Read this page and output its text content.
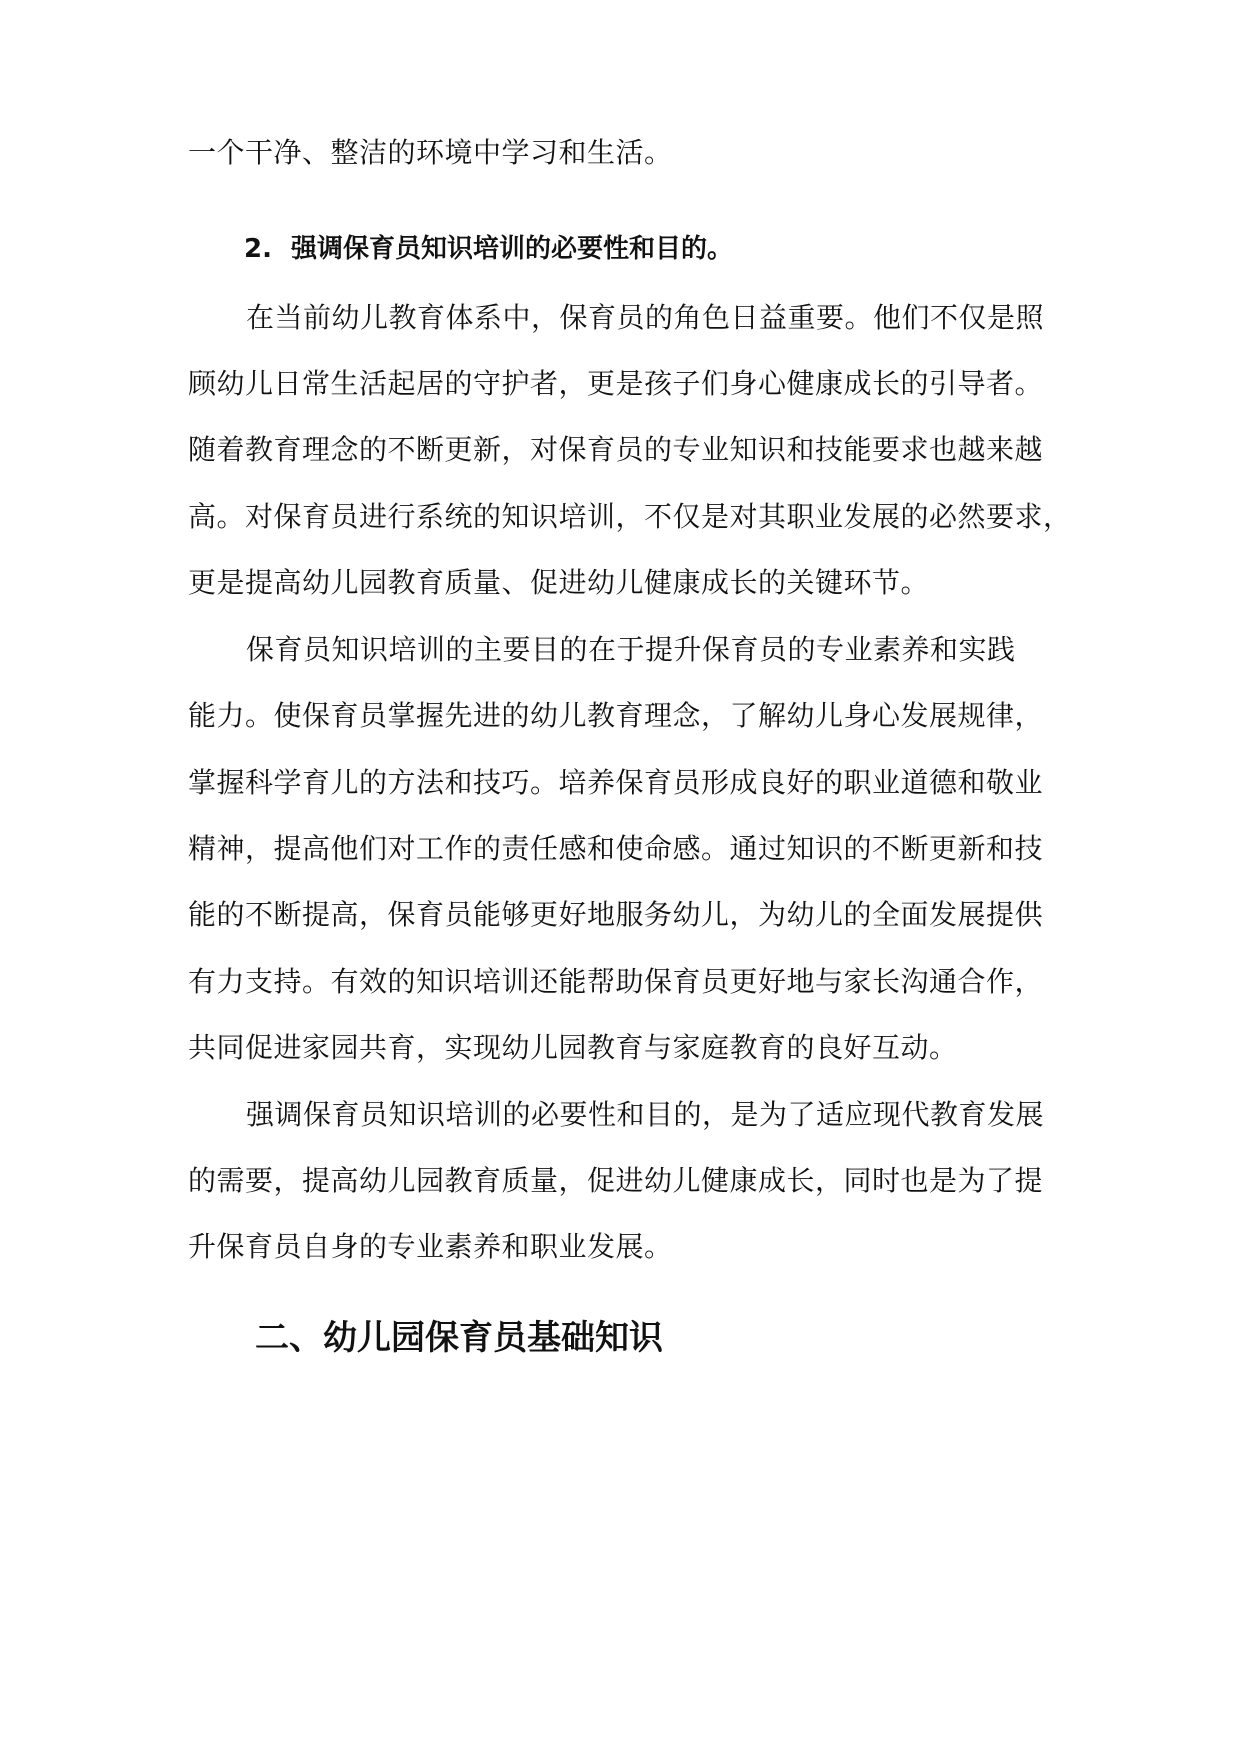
一个干净、整洁的环境中学习和生活。
2. 强调保育员知识培训的必要性和目的。
在当前幼儿教育体系中，保育员的角色日益重要。他们不仅是照
顾幼儿日常生活起居的守护者，更是孩子们身心健康成长的引导者。
随着教育理念的不断更新，对保育员的专业知识和技能要求也越来越
高。对保育员进行系统的知识培训，不仅是对其职业发展的必然要求，
更是提高幼儿园教育质量、促进幼儿健康成长的关键环节。
保育员知识培训的主要目的在于提升保育员的专业素养和实践
能力。使保育员掌握先进的幼儿教育理念，了解幼儿身心发展规律，
掌握科学育儿的方法和技巧。培养保育员形成良好的职业道德和敬业
精神，提高他们对工作的责任感和使命感。通过知识的不断更新和技
能的不断提高，保育员能够更好地服务幼儿，为幼儿的全面发展提供
有力支持。有效的知识培训还能帮助保育员更好地与家长沟通合作，
共同促进家园共育，实现幼儿园教育与家庭教育的良好互动。
强调保育员知识培训的必要性和目的，是为了适应现代教育发展
的需要，提高幼儿园教育质量，促进幼儿健康成长，同时也是为了提
升保育员自身的专业素养和职业发展。
二、幼儿园保育员基础知识
